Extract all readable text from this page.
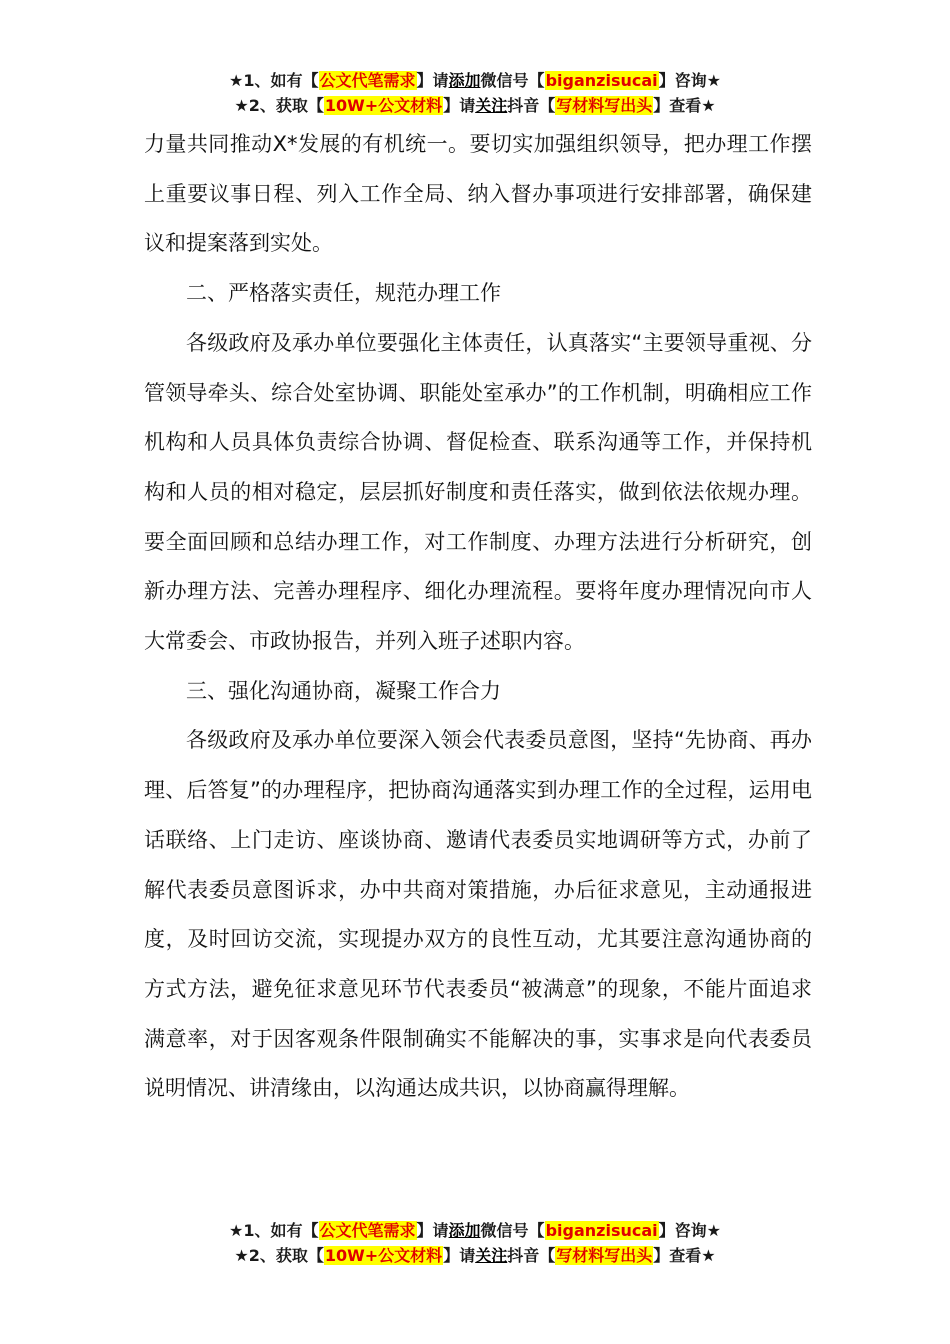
★1、如有【公文代笔需求】请添加微信号【biganzisucai】咨询★
★2、获取【10W+公文材料】请关注抖音【写材料写出头】查看★

力量共同推动X*发展的有机统一。要切实加强组织领导，把办理工作摆上重要议事日程、列入工作全局、纳入督办事项进行安排部署，确保建议和提案落到实处。

二、严格落实责任，规范办理工作

各级政府及承办单位要强化主体责任，认真落实“主要领导重视、分管领导牵头、综合处室协调、职能处室承办”的工作机制，明确相应工作机构和人员具体负责综合协调、督促检查、联系沟通等工作，并保持机构和人员的相对稳定，层层抓好制度和责任落实，做到依法依规办理。要全面回顾和总结办理工作，对工作制度、办理方法进行分析研究，创新办理方法、完善办理程序、细化办理流程。要将年度办理情况向市人大常委会、市政协报告，并列入班子述职内容。

三、强化沟通协商，凝聚工作合力

各级政府及承办单位要深入领会代表委员意图，坚持“先协商、再办理、后答复”的办理程序，把协商沟通落实到办理工作的全过程，运用电话联络、上门走访、座谈协商、邀请代表委员实地调研等方式，办前了解代表委员意图诉求，办中共商对策措施，办后征求意见，主动通报进度，及时回访交流，实现提办双方的良性互动，尤其要注意沟通协商的方式方法，避免征求意见环节代表委员“被满意”的现象，不能片面追求满意率，对于因客观条件限制确实不能解决的事，实事求是向代表委员说明情况、讲清缘由，以沟通达成共识，以协商赢得理解。

★1、如有【公文代笔需求】请添加微信号【biganzisucai】咨询★
★2、获取【10W+公文材料】请关注抖音【写材料写出头】查看★
